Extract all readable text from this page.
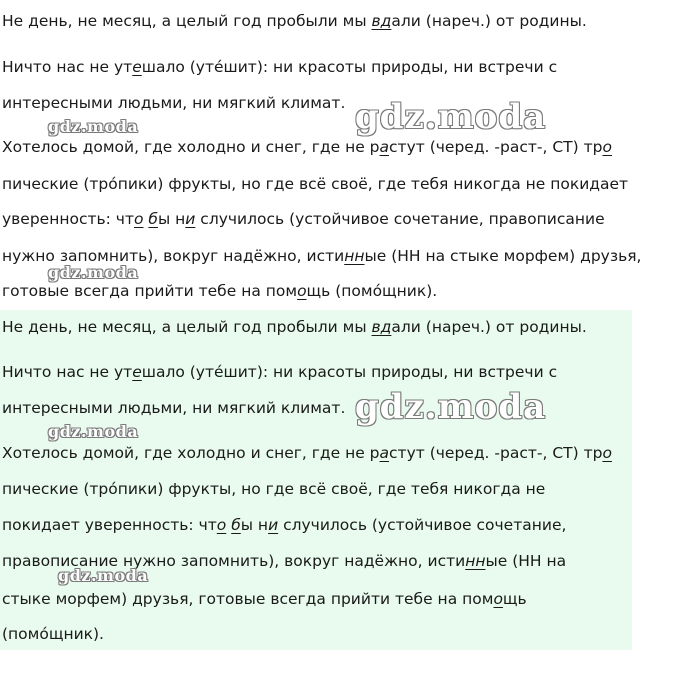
Не день, не месяц, а целый год пробыли мы вдали (нареч.) от родины.
Ничто нас не утешало (утéшит): ни красоты природы, ни встречи с
интересными людьми, ни мягкий климат.
Хотелось домой, где холодно и снег, где не растут (черед. -раст-, СТ) тро
пические (трóпики) фрукты, но где всё своё, где тебя никогда не покидает
уверенность: что бы ни случилось (устойчивое сочетание, правописание
нужно запомнить), вокруг надёжно, истинные (НН на стыке морфем) друзья,
готовые всегда прийти тебе на помощь (помóщник).
gdz.moda
gdz.moda
gdz.moda
Не день, не месяц, а целый год пробыли мы вдали (нареч.) от родины.
Ничто нас не утешало (утéшит): ни красоты природы, ни встречи с
интересными людьми, ни мягкий климат.
Хотелось домой, где холодно и снег, где не растут (черед. -раст-, СТ) тро
пические (трóпики) фрукты, но где всё своё, где тебя никогда не
покидает уверенность: что бы ни случилось (устойчивое сочетание,
правописание нужно запомнить), вокруг надёжно, истинные (НН на
стыке морфем) друзья, готовые всегда прийти тебе на помощь
(помóщник).
gdz.moda
gdz.moda
gdz.moda
